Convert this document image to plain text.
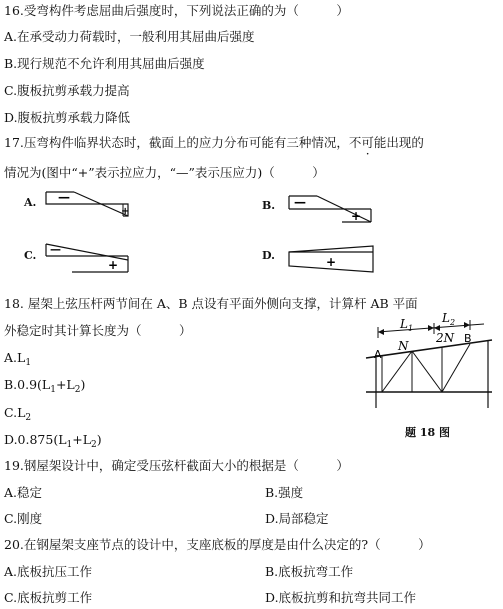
16.受弯构件考虑屈曲后强度时，下列说法正确的为（　　　）
A.在承受动力荷载时，一般利用其屈曲后强度
B.现行规范不允许利用其屈曲后强度
C.腹板抗剪承载力提高
D.腹板抗剪承载力降低
17.压弯构件临界状态时，截面上的应力分布可能有三种情况，不可能出现的
情况为(图中“+”表示拉应力，“—”表示压应力)（　　　）
A. —
+	B. —
+
C. —
+
D.	+
18. 屋架上弦压杆两节间在 A、B 点设有平面外侧向支撑，计算杆 AB 平面
外稳定时其计算长度为（　　　）
$A.L_1$
$B.0.9(L_1+L_2)$
$C.L_2$
$D.0.875(L_1+L_2)$
$L_1$
$L_2$
A
B
N
2N
题 18 图
19.钢屋架设计中，确定受压弦杆截面大小的根据是（　　　）
A.稳定	B.强度
C.刚度	D.局部稳定
20.在钢屋架支座节点的设计中，支座底板的厚度是由什么决定的?（　　　）
A.底板抗压工作	B.底板抗弯工作
C.底板抗剪工作	D.底板抗剪和抗弯共同工作
